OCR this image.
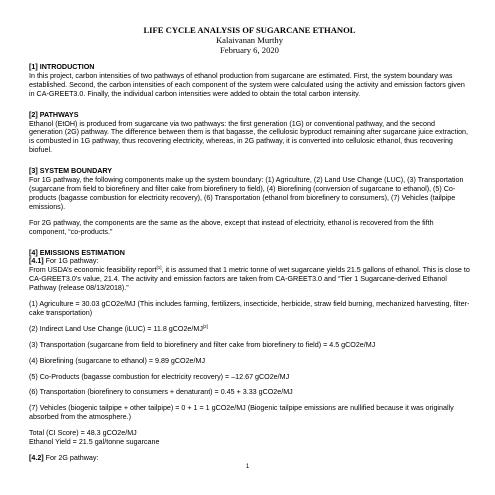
LIFE CYCLE ANALYSIS OF SUGARCANE ETHANOL
Kalaivanan Murthy
February 6, 2020
[1] INTRODUCTION

In this project, carbon intensities of two pathways of ethanol production from sugarcane are estimated. First, the system boundary was established. Second, the carbon intensities of each component of the system were calculated using the activity and emission factors given in CA-GREET3.0. Finally, the individual carbon intensities were added to obtain the total carbon intensity.

[2] PATHWAYS

Ethanol (EtOH) is produced from sugarcane via two pathways: the first generation (1G) or conventional pathway, and the second generation (2G) pathway. The difference between them is that bagasse, the cellulosic byproduct remaining after sugarcane juice extraction, is combusted in 1G pathway, thus recovering electricity, whereas, in 2G pathway, it is converted into cellulosic ethanol, thus recovering biofuel.

[3] SYSTEM BOUNDARY

For 1G pathway, the following components make up the system boundary: (1) Agriculture, (2) Land Use Change (LUC), (3) Transportation (sugarcane from field to biorefinery and filter cake from biorefinery to field), (4) Biorefining (conversion of sugarcane to ethanol), (5) Co-products (bagasse combustion for electricity recovery), (6) Transportation (ethanol from biorefinery to consumers), (7) Vehicles (tailpipe emissions).

For 2G pathway, the components are the same as the above, except that instead of electricity, ethanol is recovered from the fifth component, “co-products.”

[4] EMISSIONS ESTIMATION

[4.1] For 1G pathway:

From USDA’s economic feasibility report[1], it is assumed that 1 metric tonne of wet sugarcane yields 21.5 gallons of ethanol. This is close to CA-GREET3.0’s value, 21.4. The activity and emission factors are taken from CA-GREET3.0 and “Tier 1 Sugarcane-derived Ethanol Pathway (release 08/13/2018).”

(1) Agriculture = 30.03 gCO2e/MJ (This includes farming, fertilizers, insecticide, herbicide, straw field burning, mechanized harvesting, filter-cake transportation)

(2) Indirect Land Use Change (iLUC) = 11.8 gCO2e/MJ[2]

(3) Transportation (sugarcane from field to biorefinery and filter cake from biorefinery to field) = 4.5 gCO2e/MJ

(4) Biorefining (sugarcane to ethanol) = 9.89 gCO2e/MJ

(5) Co-Products (bagasse combustion for electricity recovery) = –12.67 gCO2e/MJ

(6) Transportation (biorefinery to consumers + denaturant) = 0.45 + 3.33 gCO2e/MJ

(7) Vehicles (biogenic tailpipe + other tailpipe) = 0 + 1 = 1 gCO2e/MJ (Biogenic tailpipe emissions are nullified because it was originally absorbed from the atmosphere.)

Total (CI Score) = 48.3 gCO2e/MJ

Ethanol Yield = 21.5 gal/tonne sugarcane

[4.2] For 2G pathway:

1
